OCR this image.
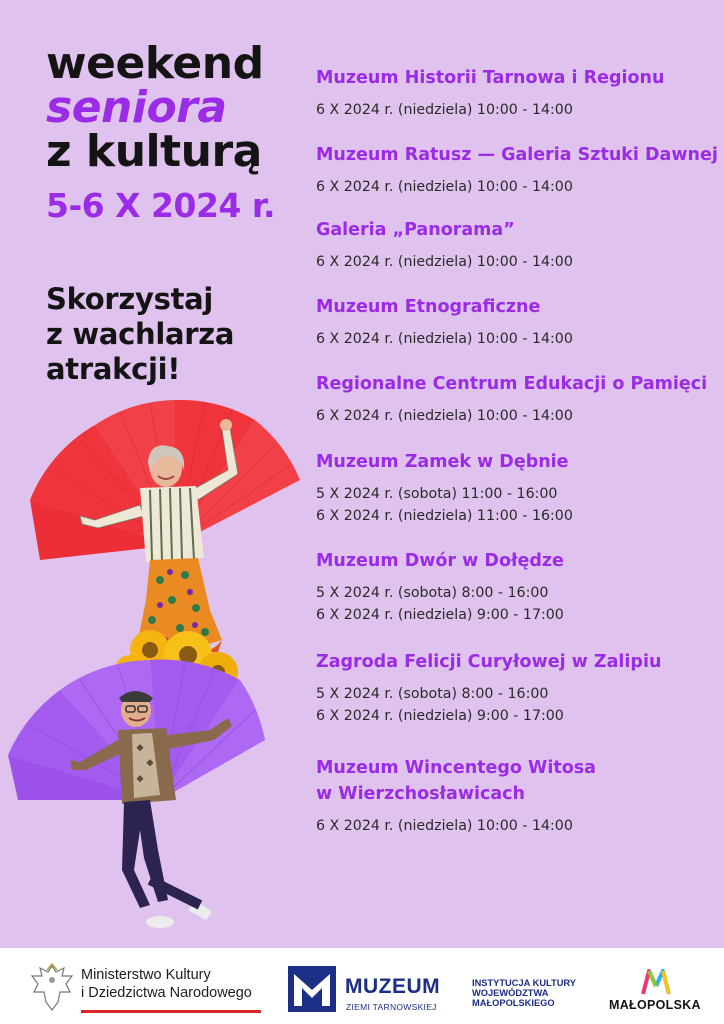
weekend
seniora
z kulturą
5-6 X 2024 r.
Skorzystaj
z wachlarza
atrakcji!
Muzeum Historii Tarnowa i Regionu
6 X 2024 r. (niedziela) 10:00 - 14:00
Muzeum Ratusz — Galeria Sztuki Dawnej
6 X 2024 r. (niedziela) 10:00 - 14:00
Galeria „Panorama”
6 X 2024 r. (niedziela) 10:00 - 14:00
Muzeum Etnograficzne
6 X 2024 r. (niedziela) 10:00 - 14:00
Regionalne Centrum Edukacji o Pamięci
6 X 2024 r. (niedziela) 10:00 - 14:00
Muzeum Zamek w Dębnie
5 X 2024 r. (sobota) 11:00 - 16:00
6 X 2024 r. (niedziela) 11:00 - 16:00
Muzeum Dwór w Dołędze
5 X 2024 r. (sobota) 8:00 - 16:00
6 X 2024 r. (niedziela) 9:00 - 17:00
Zagroda Felicji Curyłowej w Zalipiu
5 X 2024 r. (sobota) 8:00 - 16:00
6 X 2024 r. (niedziela) 9:00 - 17:00
Muzeum Wincentego Witosa
w Wierzchosławicach
6 X 2024 r. (niedziela) 10:00 - 14:00
Ministerstwo Kultury
i Dziedzictwa Narodowego	MUZEUM
ZIEMI TARNOWSKIEJ
INSTYTUCJA KULTURY
WOJEWÓDZTWA
MAŁOPOLSKIEGO	MAŁOPOLSKA
